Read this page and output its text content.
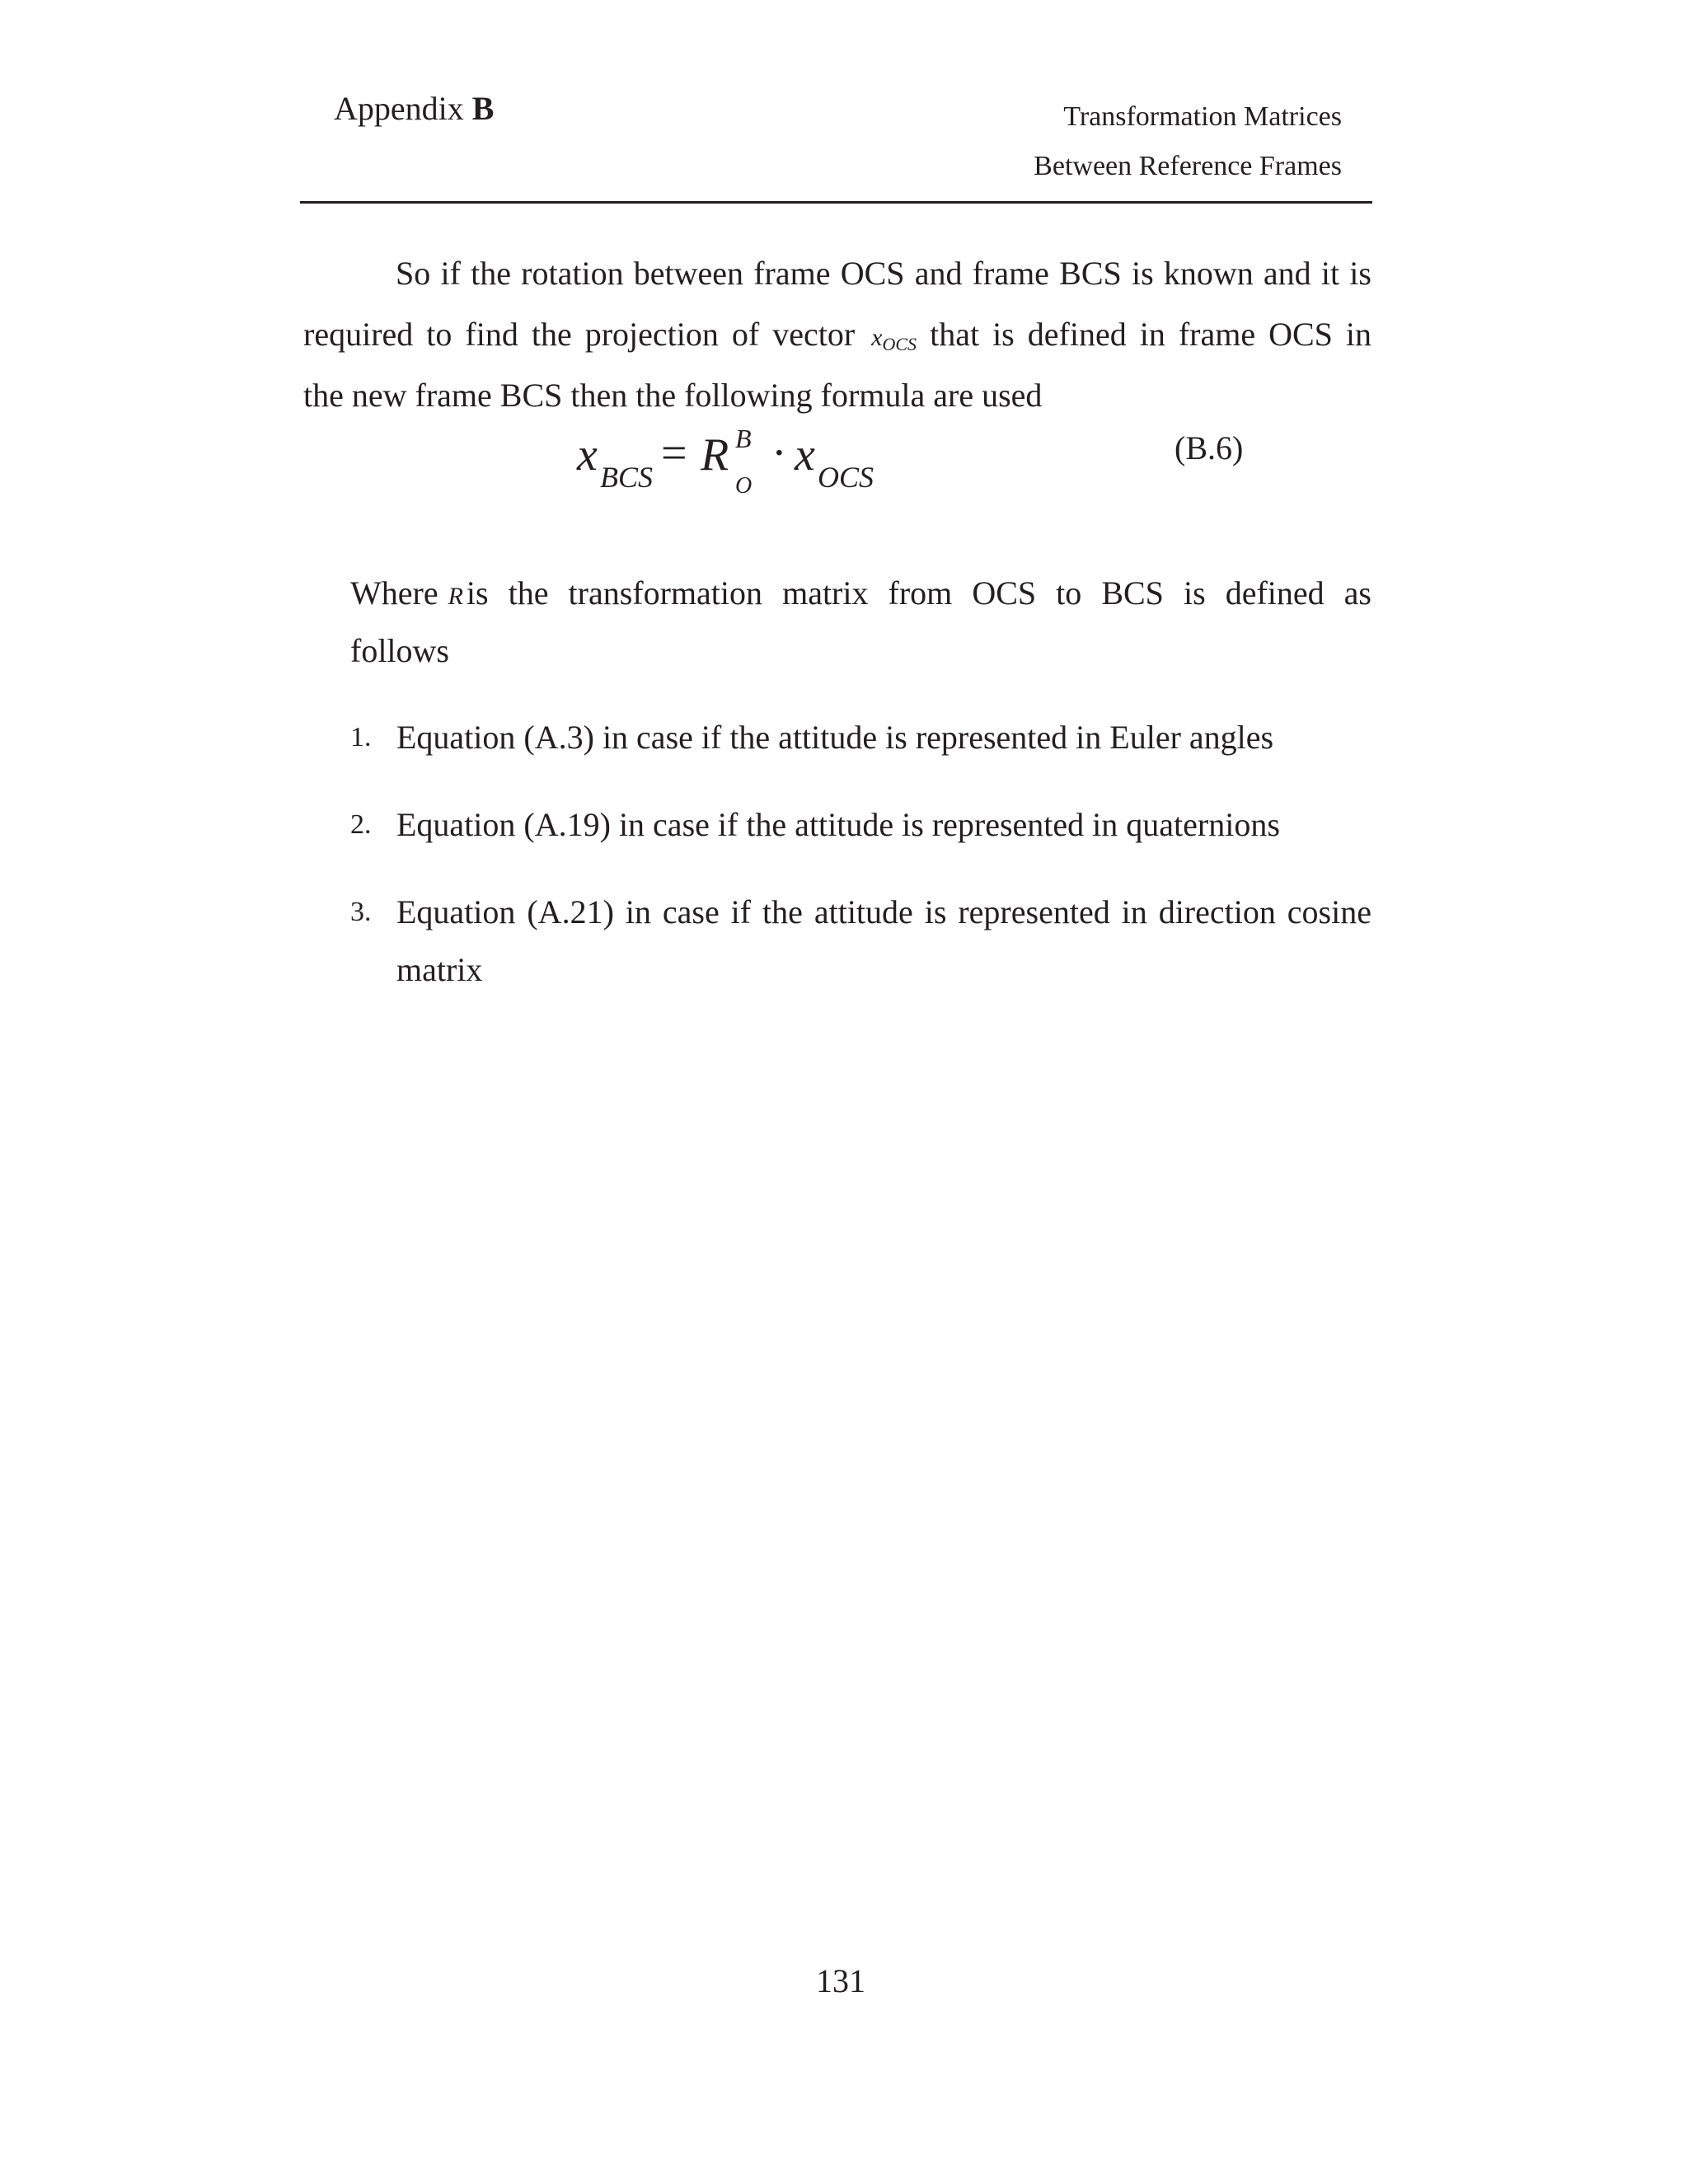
Appendix B	Transformation Matrices
Between Reference Frames
So if the rotation between frame OCS and frame BCS is known and it is
required to find the projection of vector $x_{OCS}$ that is defined in frame OCS in
the new frame BCS then the following formula are used
x BCS = R B
O
· x OCS
(B.6)
Where R is the transformation matrix from OCS to BCS is defined as
follows
1. Equation (A.3) in case if the attitude is represented in Euler angles
2. Equation (A.19) in case if the attitude is represented in quaternions
3. Equation (A.21) in case if the attitude is represented in direction cosine
matrix
131
